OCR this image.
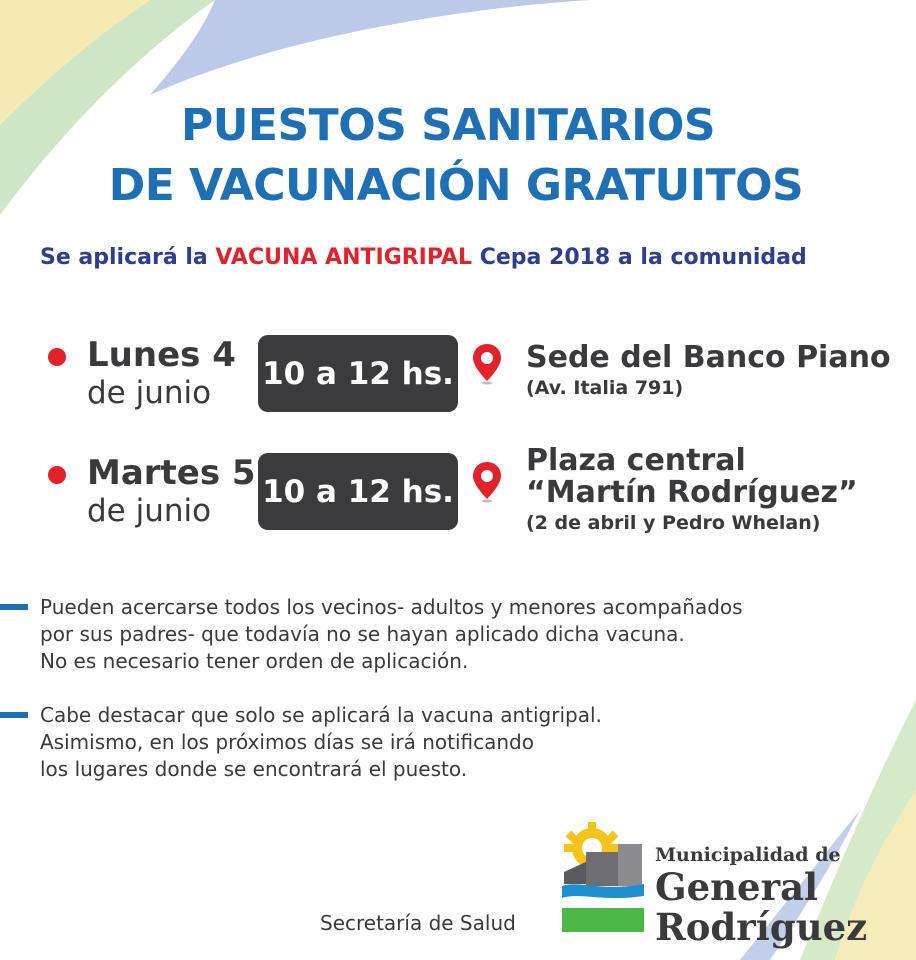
PUESTOS SANITARIOS
DE VACUNACIÓN GRATUITOS
Se aplicará la VACUNA ANTIGRIPAL Cepa 2018 a la comunidad
Lunes 4
de junio
10 a 12 hs. Sede del Banco Piano
(Av. Italia 791)
Martes 5
de junio
10 a 12 hs.
Plaza central
“Martín Rodríguez”
(2 de abril y Pedro Whelan)
Pueden acercarse todos los vecinos- adultos y menores acompañados
por sus padres- que todavía no se hayan aplicado dicha vacuna.
No es necesario tener orden de aplicación.
Cabe destacar que solo se aplicará la vacuna antigripal.
Asimismo, en los próximos días se irá notificando
los lugares donde se encontrará el puesto.
Secretaría de Salud
Municipalidad de
General
Rodríguez
